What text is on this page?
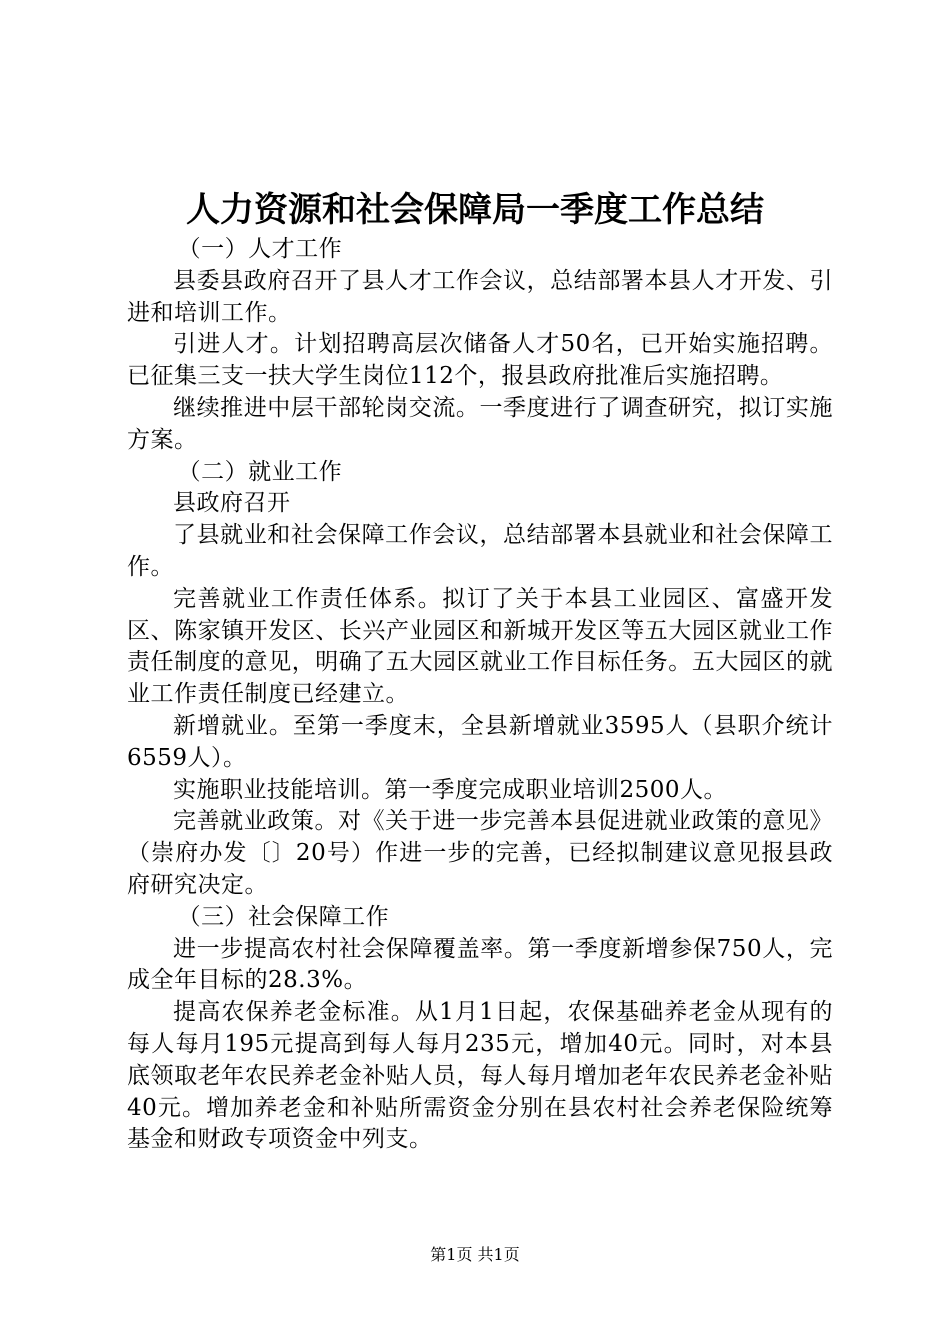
人力资源和社会保障局一季度工作总结

（一）人才工作

县委县政府召开了县人才工作会议，总结部署本县人才开发、引进和培训工作。

引进人才。计划招聘高层次储备人才50名，已开始实施招聘。已征集三支一扶大学生岗位112个，报县政府批准后实施招聘。

继续推进中层干部轮岗交流。一季度进行了调查研究，拟订实施方案。

（二）就业工作

县政府召开

了县就业和社会保障工作会议，总结部署本县就业和社会保障工作。

完善就业工作责任体系。拟订了关于本县工业园区、富盛开发区、陈家镇开发区、长兴产业园区和新城开发区等五大园区就业工作责任制度的意见，明确了五大园区就业工作目标任务。五大园区的就业工作责任制度已经建立。

新增就业。至第一季度末，全县新增就业3595人（县职介统计6559人）。

实施职业技能培训。第一季度完成职业培训2500人。

完善就业政策。对《关于进一步完善本县促进就业政策的意见》（崇府办发〔〕20号）作进一步的完善，已经拟制建议意见报县政府研究决定。

（三）社会保障工作

进一步提高农村社会保障覆盖率。第一季度新增参保750人，完成全年目标的28.3%。

提高农保养老金标准。从1月1日起，农保基础养老金从现有的每人每月195元提高到每人每月235元，增加40元。同时，对本县底领取老年农民养老金补贴人员，每人每月增加老年农民养老金补贴40元。增加养老金和补贴所需资金分别在县农村社会养老保险统筹基金和财政专项资金中列支。

第1页 共1页
